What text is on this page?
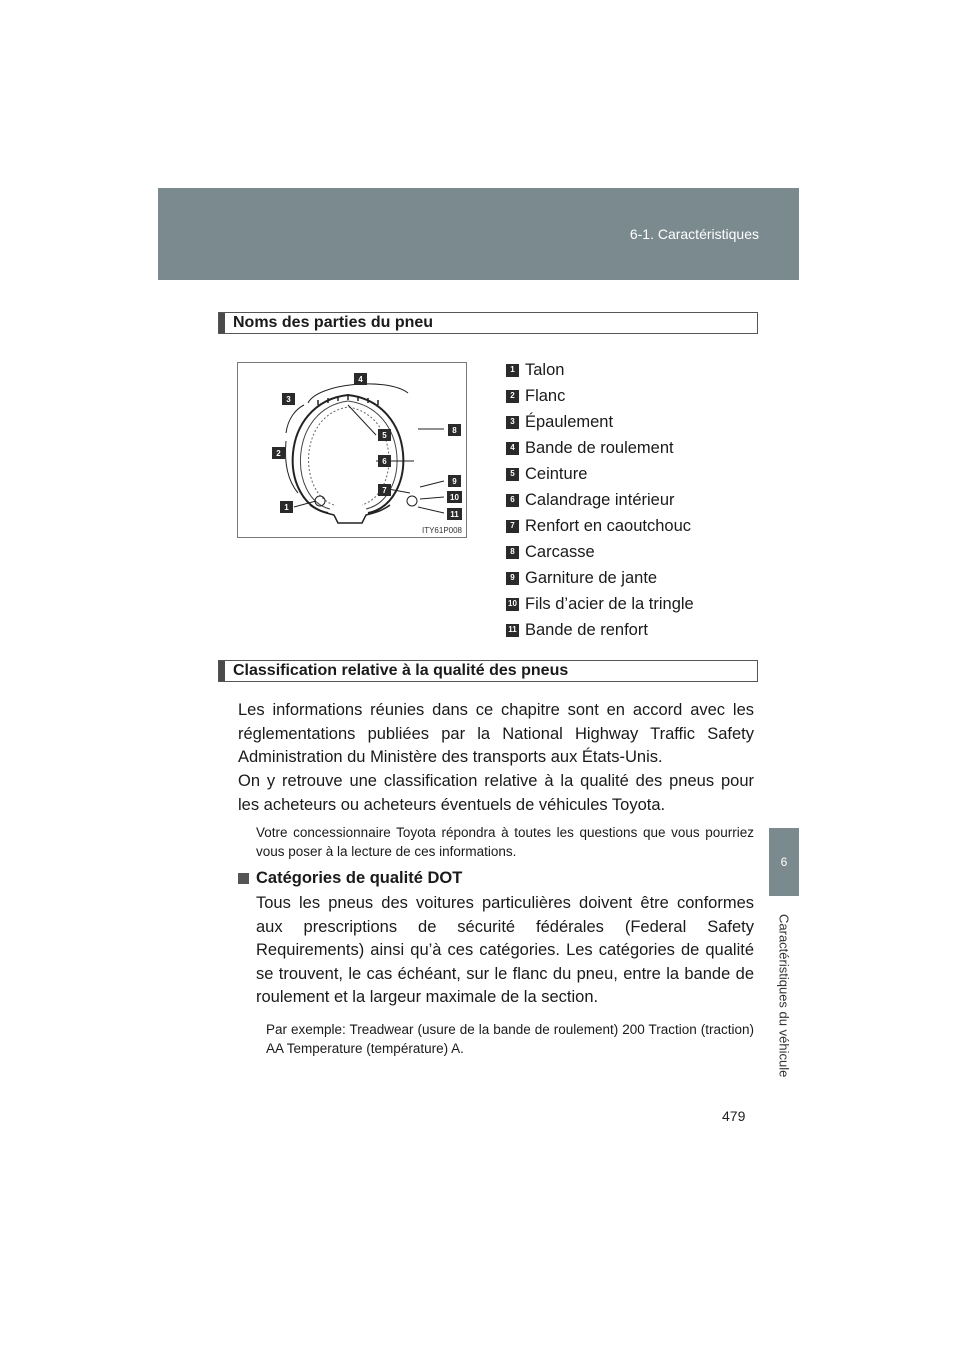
6-1. Caractéristiques
6
Caractéristiques du véhicule
Noms des parties du pneu
4
3
5
8
2
6
9
7
10
1
11
ITY61P008
1 Talon
2 Flanc
3 Épaulement
4 Bande de roulement
5 Ceinture
6 Calandrage intérieur
7 Renfort en caoutchouc
8 Carcasse
9 Garniture de jante
10 Fils d’acier de la tringle
11 Bande de renfort
Classification relative à la qualité des pneus

Les informations réunies dans ce chapitre sont en accord avec les réglementations publiées par la National Highway Traffic Safety Administration du Ministère des transports aux États-Unis.

On y retrouve une classification relative à la qualité des pneus pour les acheteurs ou acheteurs éventuels de véhicules Toyota.

Votre concessionnaire Toyota répondra à toutes les questions que vous pourriez vous poser à la lecture de ces informations.

Catégories de qualité DOT

Tous les pneus des voitures particulières doivent être conformes aux prescriptions de sécurité fédérales (Federal Safety Requirements) ainsi qu’à ces catégories. Les catégories de qualité se trouvent, le cas échéant, sur le flanc du pneu, entre la bande de roulement et la largeur maximale de la section.

Par exemple: Treadwear (usure de la bande de roulement) 200 Traction (traction) AA Temperature (température) A.

479
